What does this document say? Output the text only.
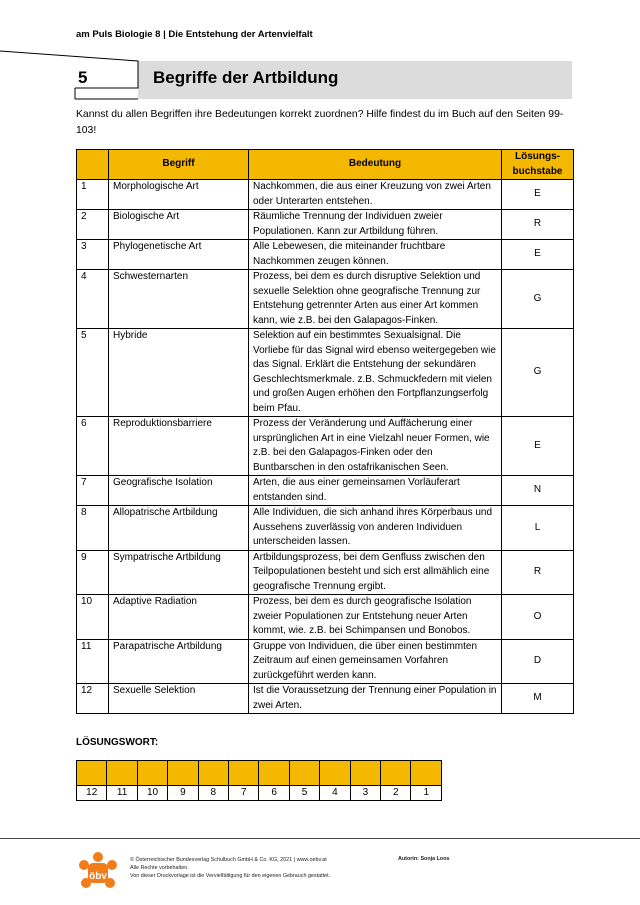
am Puls Biologie 8 | Die Entstehung der Artenvielfalt
5	Begriffe der Artbildung
Kannst du allen Begriffen ihre Bedeutungen korrekt zuordnen? Hilfe findest du im Buch auf den Seiten 99-103!
	Begriff	Bedeutung	Lösungs-buchstabe
1	Morphologische Art	Nachkommen, die aus einer Kreuzung von zwei Arten oder Unterarten entstehen.	E
2	Biologische Art	Räumliche Trennung der Individuen zweier Populationen. Kann zur Artbildung führen.	R
3	Phylogenetische Art	Alle Lebewesen, die miteinander fruchtbare Nachkommen zeugen können.	E
4	Schwesternarten	Prozess, bei dem es durch disruptive Selektion und sexuelle Selektion ohne geografische Trennung zur Entstehung getrennter Arten aus einer Art kommen kann, wie z.B. bei den Galapagos-Finken.	G
5	Hybride	Selektion auf ein bestimmtes Sexualsignal. Die Vorliebe für das Signal wird ebenso weitergegeben wie das Signal. Erklärt die Entstehung der sekundären Geschlechtsmerkmale. z.B. Schmuckfedern mit vielen und großen Augen erhöhen den Fortpflanzungserfolg beim Pfau.	G
6	Reproduktionsbarriere	Prozess der Veränderung und Auffächerung einer ursprünglichen Art in eine Vielzahl neuer Formen, wie z.B. bei den Galapagos-Finken oder den Buntbarschen in den ostafrikanischen Seen.	E
7	Geografische Isolation	Arten, die aus einer gemeinsamen Vorläuferart entstanden sind.	N
8	Allopatrische Artbildung	Alle Individuen, die sich anhand ihres Körperbaus und Aussehens zuverlässig von anderen Individuen unterscheiden lassen.	L
9	Sympatrische Artbildung	Artbildungsprozess, bei dem Genfluss zwischen den Teilpopulationen besteht und sich erst allmählich eine geografische Trennung ergibt.	R
10	Adaptive Radiation	Prozess, bei dem es durch geografische Isolation zweier Populationen zur Entstehung neuer Arten kommt, wie. z.B. bei Schimpansen und Bonobos.	O
11	Parapatrische Artbildung	Gruppe von Individuen, die über einen bestimmten Zeitraum auf einen gemeinsamen Vorfahren zurückgeführt werden kann.	D
12	Sexuelle Selektion	Ist die Voraussetzung der Trennung einer Population in zwei Arten.	M
LÖSUNGSWORT:

12	11	10	9	8	7	6	5	4	3	2	1
öbv
© Österreichischer Bundesverlag Schulbuch GmbH & Co. KG, 2021 | www.oebv.at
Alle Rechte vorbehalten.
Von dieser Druckvorlage ist die Vervielfältigung für den eigenen Gebrauch gestattet.
Autorin: Sonja Loos
